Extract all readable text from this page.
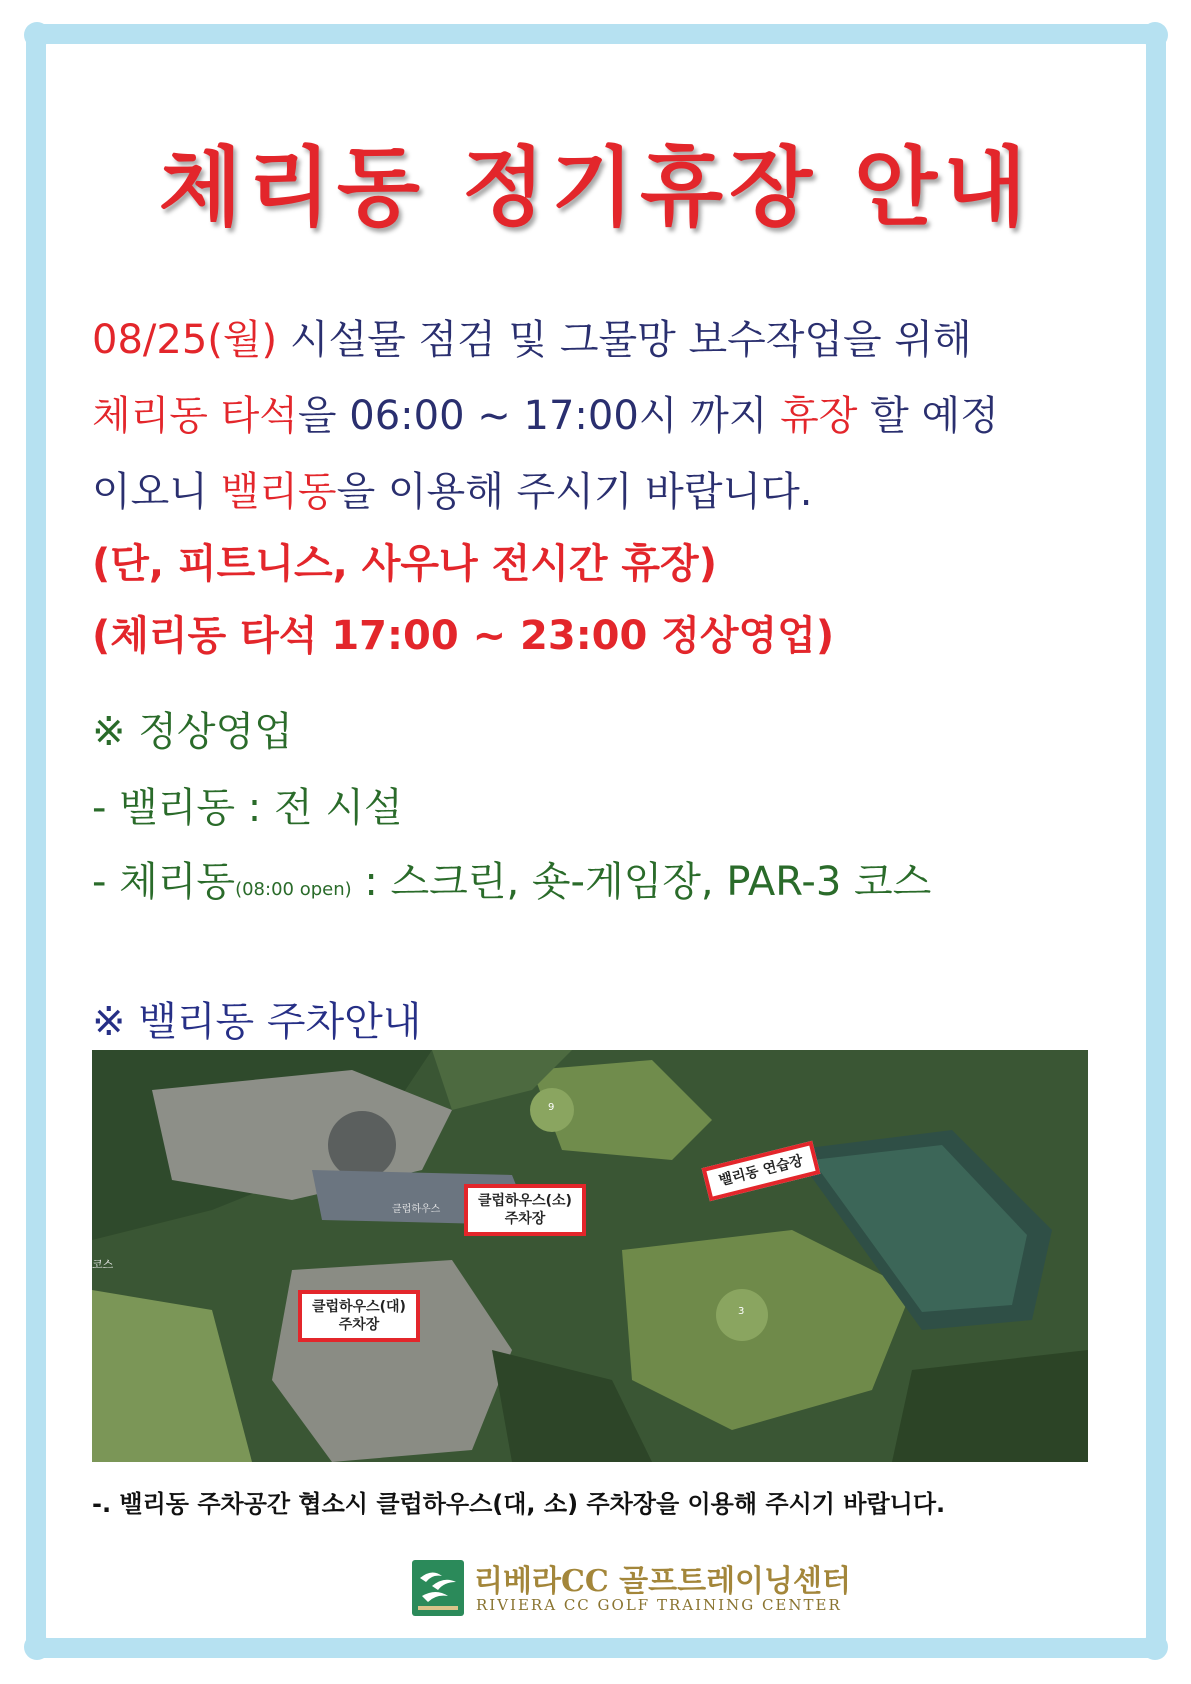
체리동 정기휴장 안내
08/25(월) 시설물 점검 및 그물망 보수작업을 위해
체리동 타석을 06:00 ~ 17:00시 까지 휴장 할 예정
이오니 밸리동을 이용해 주시기 바랍니다.
(단, 피트니스, 사우나 전시간 휴장)
(체리동 타석 17:00 ~ 23:00 정상영업)
※ 정상영업
- 밸리동 : 전 시설
- 체리동(08:00 open) : 스크린, 숏-게임장, PAR-3 코스
※ 밸리동 주차안내
클럽하우스
코스
9
3
클럽하우스(소)
주차장
클럽하우스(대)
주차장
밸리동 연습장
-. 밸리동 주차공간 협소시 클럽하우스(대, 소) 주차장을 이용해 주시기 바랍니다.
리베라CC 골프트레이닝센터
RIVIERA CC GOLF TRAINING CENTER
